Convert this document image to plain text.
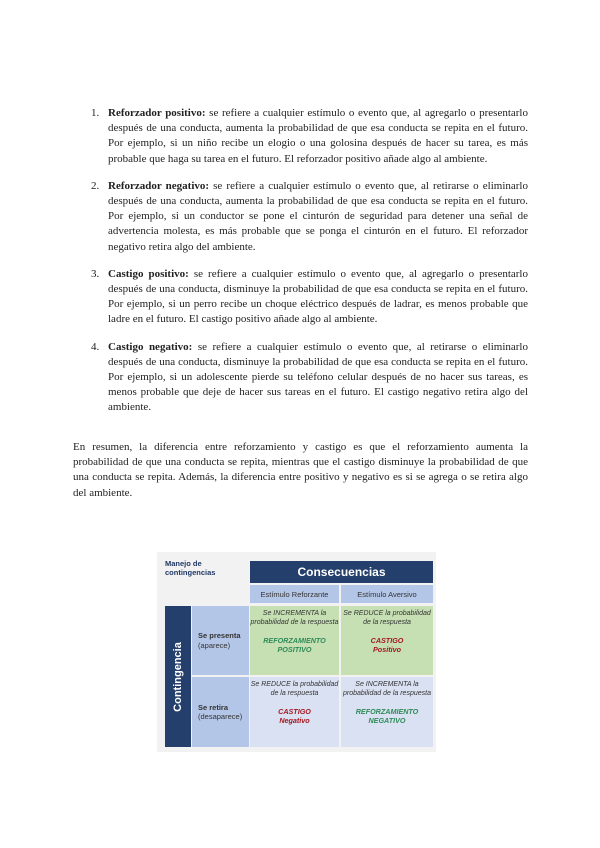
1. Reforzador positivo: se refiere a cualquier estímulo o evento que, al agregarlo o presentarlo después de una conducta, aumenta la probabilidad de que esa conducta se repita en el futuro. Por ejemplo, si un niño recibe un elogio o una golosina después de hacer su tarea, es más probable que haga su tarea en el futuro. El reforzador positivo añade algo al ambiente.
2. Reforzador negativo: se refiere a cualquier estímulo o evento que, al retirarse o eliminarlo después de una conducta, aumenta la probabilidad de que esa conducta se repita en el futuro. Por ejemplo, si un conductor se pone el cinturón de seguridad para detener una señal de advertencia molesta, es más probable que se ponga el cinturón en el futuro. El reforzador negativo retira algo del ambiente.
3. Castigo positivo: se refiere a cualquier estímulo o evento que, al agregarlo o presentarlo después de una conducta, disminuye la probabilidad de que esa conducta se repita en el futuro. Por ejemplo, si un perro recibe un choque eléctrico después de ladrar, es menos probable que ladre en el futuro. El castigo positivo añade algo al ambiente.
4. Castigo negativo: se refiere a cualquier estímulo o evento que, al retirarse o eliminarlo después de una conducta, disminuye la probabilidad de que esa conducta se repita en el futuro. Por ejemplo, si un adolescente pierde su teléfono celular después de no hacer sus tareas, es menos probable que deje de hacer sus tareas en el futuro. El castigo negativo retira algo del ambiente.

En resumen, la diferencia entre reforzamiento y castigo es que el reforzamiento aumenta la probabilidad de que una conducta se repita, mientras que el castigo disminuye la probabilidad de que una conducta se repita. Además, la diferencia entre positivo y negativo es si se agrega o se retira algo del ambiente.

Manejo de contingencias	Consecuencias
Estímulo Reforzante	Estímulo Aversivo
Contingencia
Se presenta
(aparece)
Se retira
(desaparece)
Se INCREMENTA la probabilidad de la respuesta
REFORZAMIENTO
POSITIVO
Se REDUCE la probabilidad de la respuesta
CASTIGO
Positivo
Se REDUCE la probabilidad de la respuesta
CASTIGO
Negativo
Se INCREMENTA la probabilidad de la respuesta
REFORZAMIENTO
NEGATIVO
